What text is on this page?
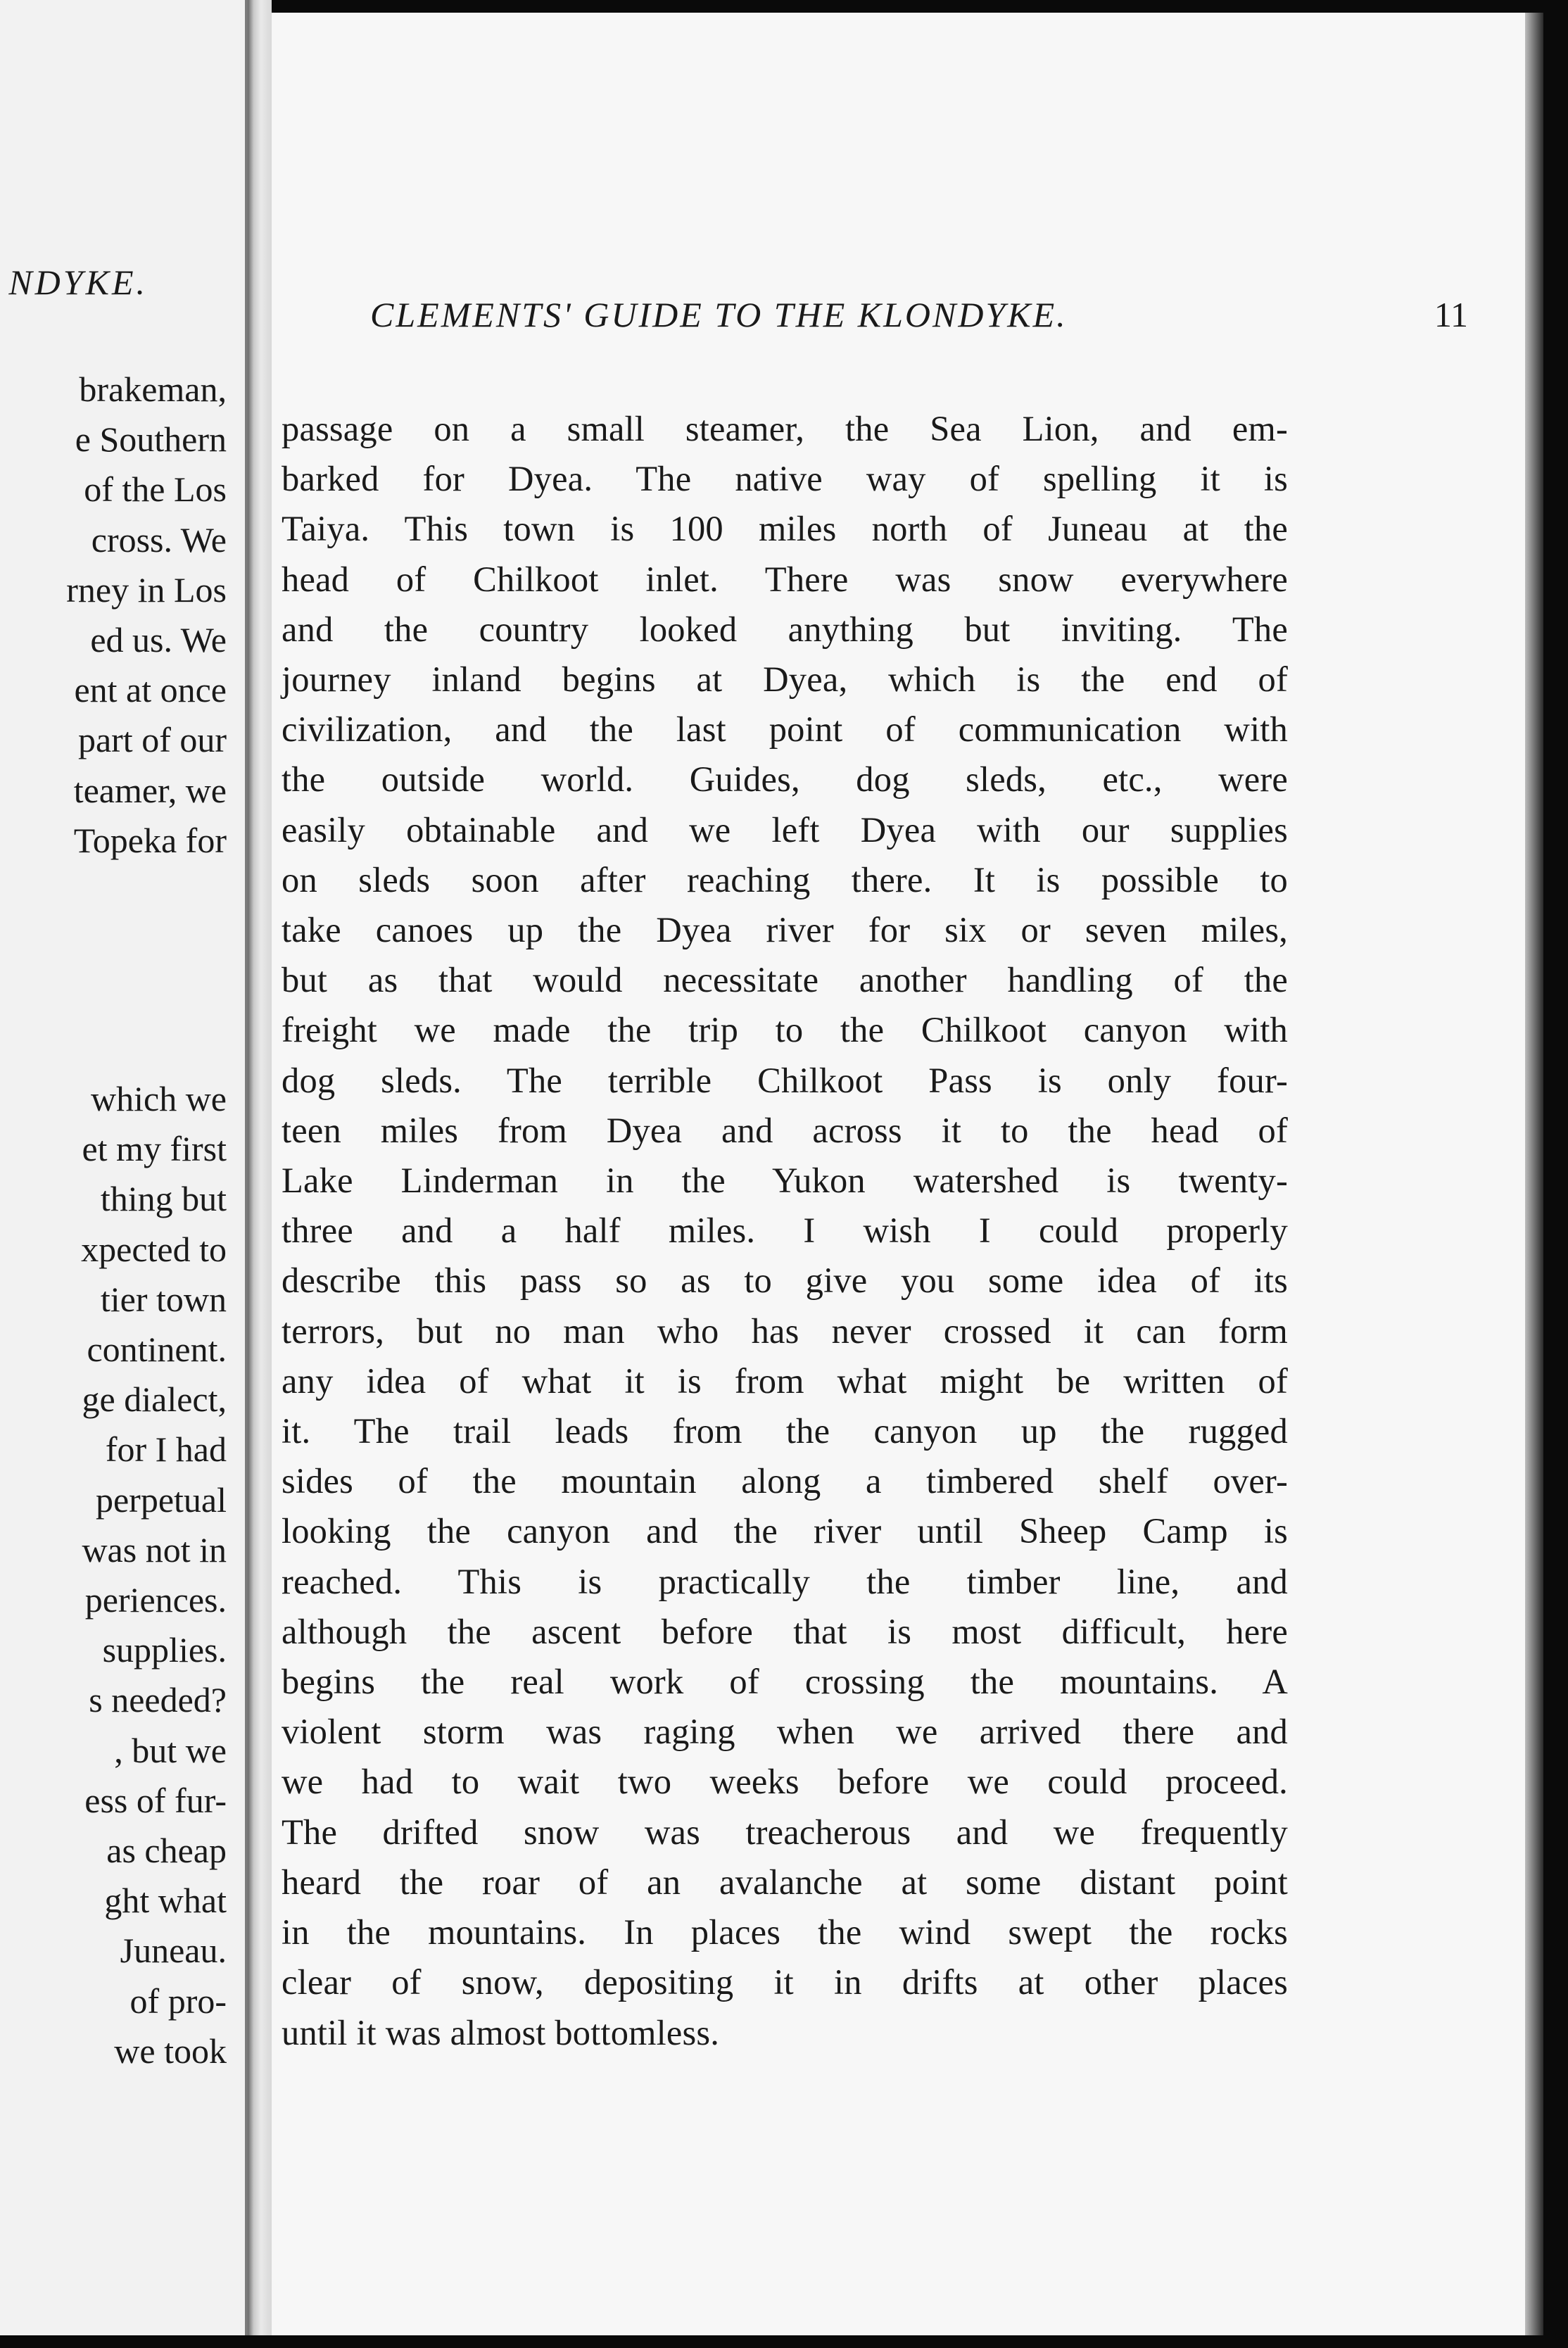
NDYKE.
brakeman,
e Southern
of the Los
cross. We
rney in Los
ed us. We
ent at once
part of our
teamer, we
Topeka for
which we
et my first
thing but
xpected to
tier town
continent.
ge dialect,
for I had
perpetual
was not in
periences.
supplies.
s needed?
, but we
ess of fur-
as cheap
ght what
Juneau.
of pro-
we took
CLEMENTS' GUIDE TO THE KLONDYKE.	11
passage on a small steamer, the Sea Lion, and em-
barked for Dyea. The native way of spelling it is
Taiya. This town is 100 miles north of Juneau at the
head of Chilkoot inlet. There was snow everywhere
and the country looked anything but inviting. The
journey inland begins at Dyea, which is the end of
civilization, and the last point of communication with
the outside world. Guides, dog sleds, etc., were
easily obtainable and we left Dyea with our supplies
on sleds soon after reaching there. It is possible to
take canoes up the Dyea river for six or seven miles,
but as that would necessitate another handling of the
freight we made the trip to the Chilkoot canyon with
dog sleds. The terrible Chilkoot Pass is only four-
teen miles from Dyea and across it to the head of
Lake Linderman in the Yukon watershed is twenty-
three and a half miles. I wish I could properly
describe this pass so as to give you some idea of its
terrors, but no man who has never crossed it can form
any idea of what it is from what might be written of
it. The trail leads from the canyon up the rugged
sides of the mountain along a timbered shelf over-
looking the canyon and the river until Sheep Camp is
reached. This is practically the timber line, and
although the ascent before that is most difficult, here
begins the real work of crossing the mountains. A
violent storm was raging when we arrived there and
we had to wait two weeks before we could proceed.
The drifted snow was treacherous and we frequently
heard the roar of an avalanche at some distant point
in the mountains. In places the wind swept the rocks
clear of snow, depositing it in drifts at other places
until it was almost bottomless.
